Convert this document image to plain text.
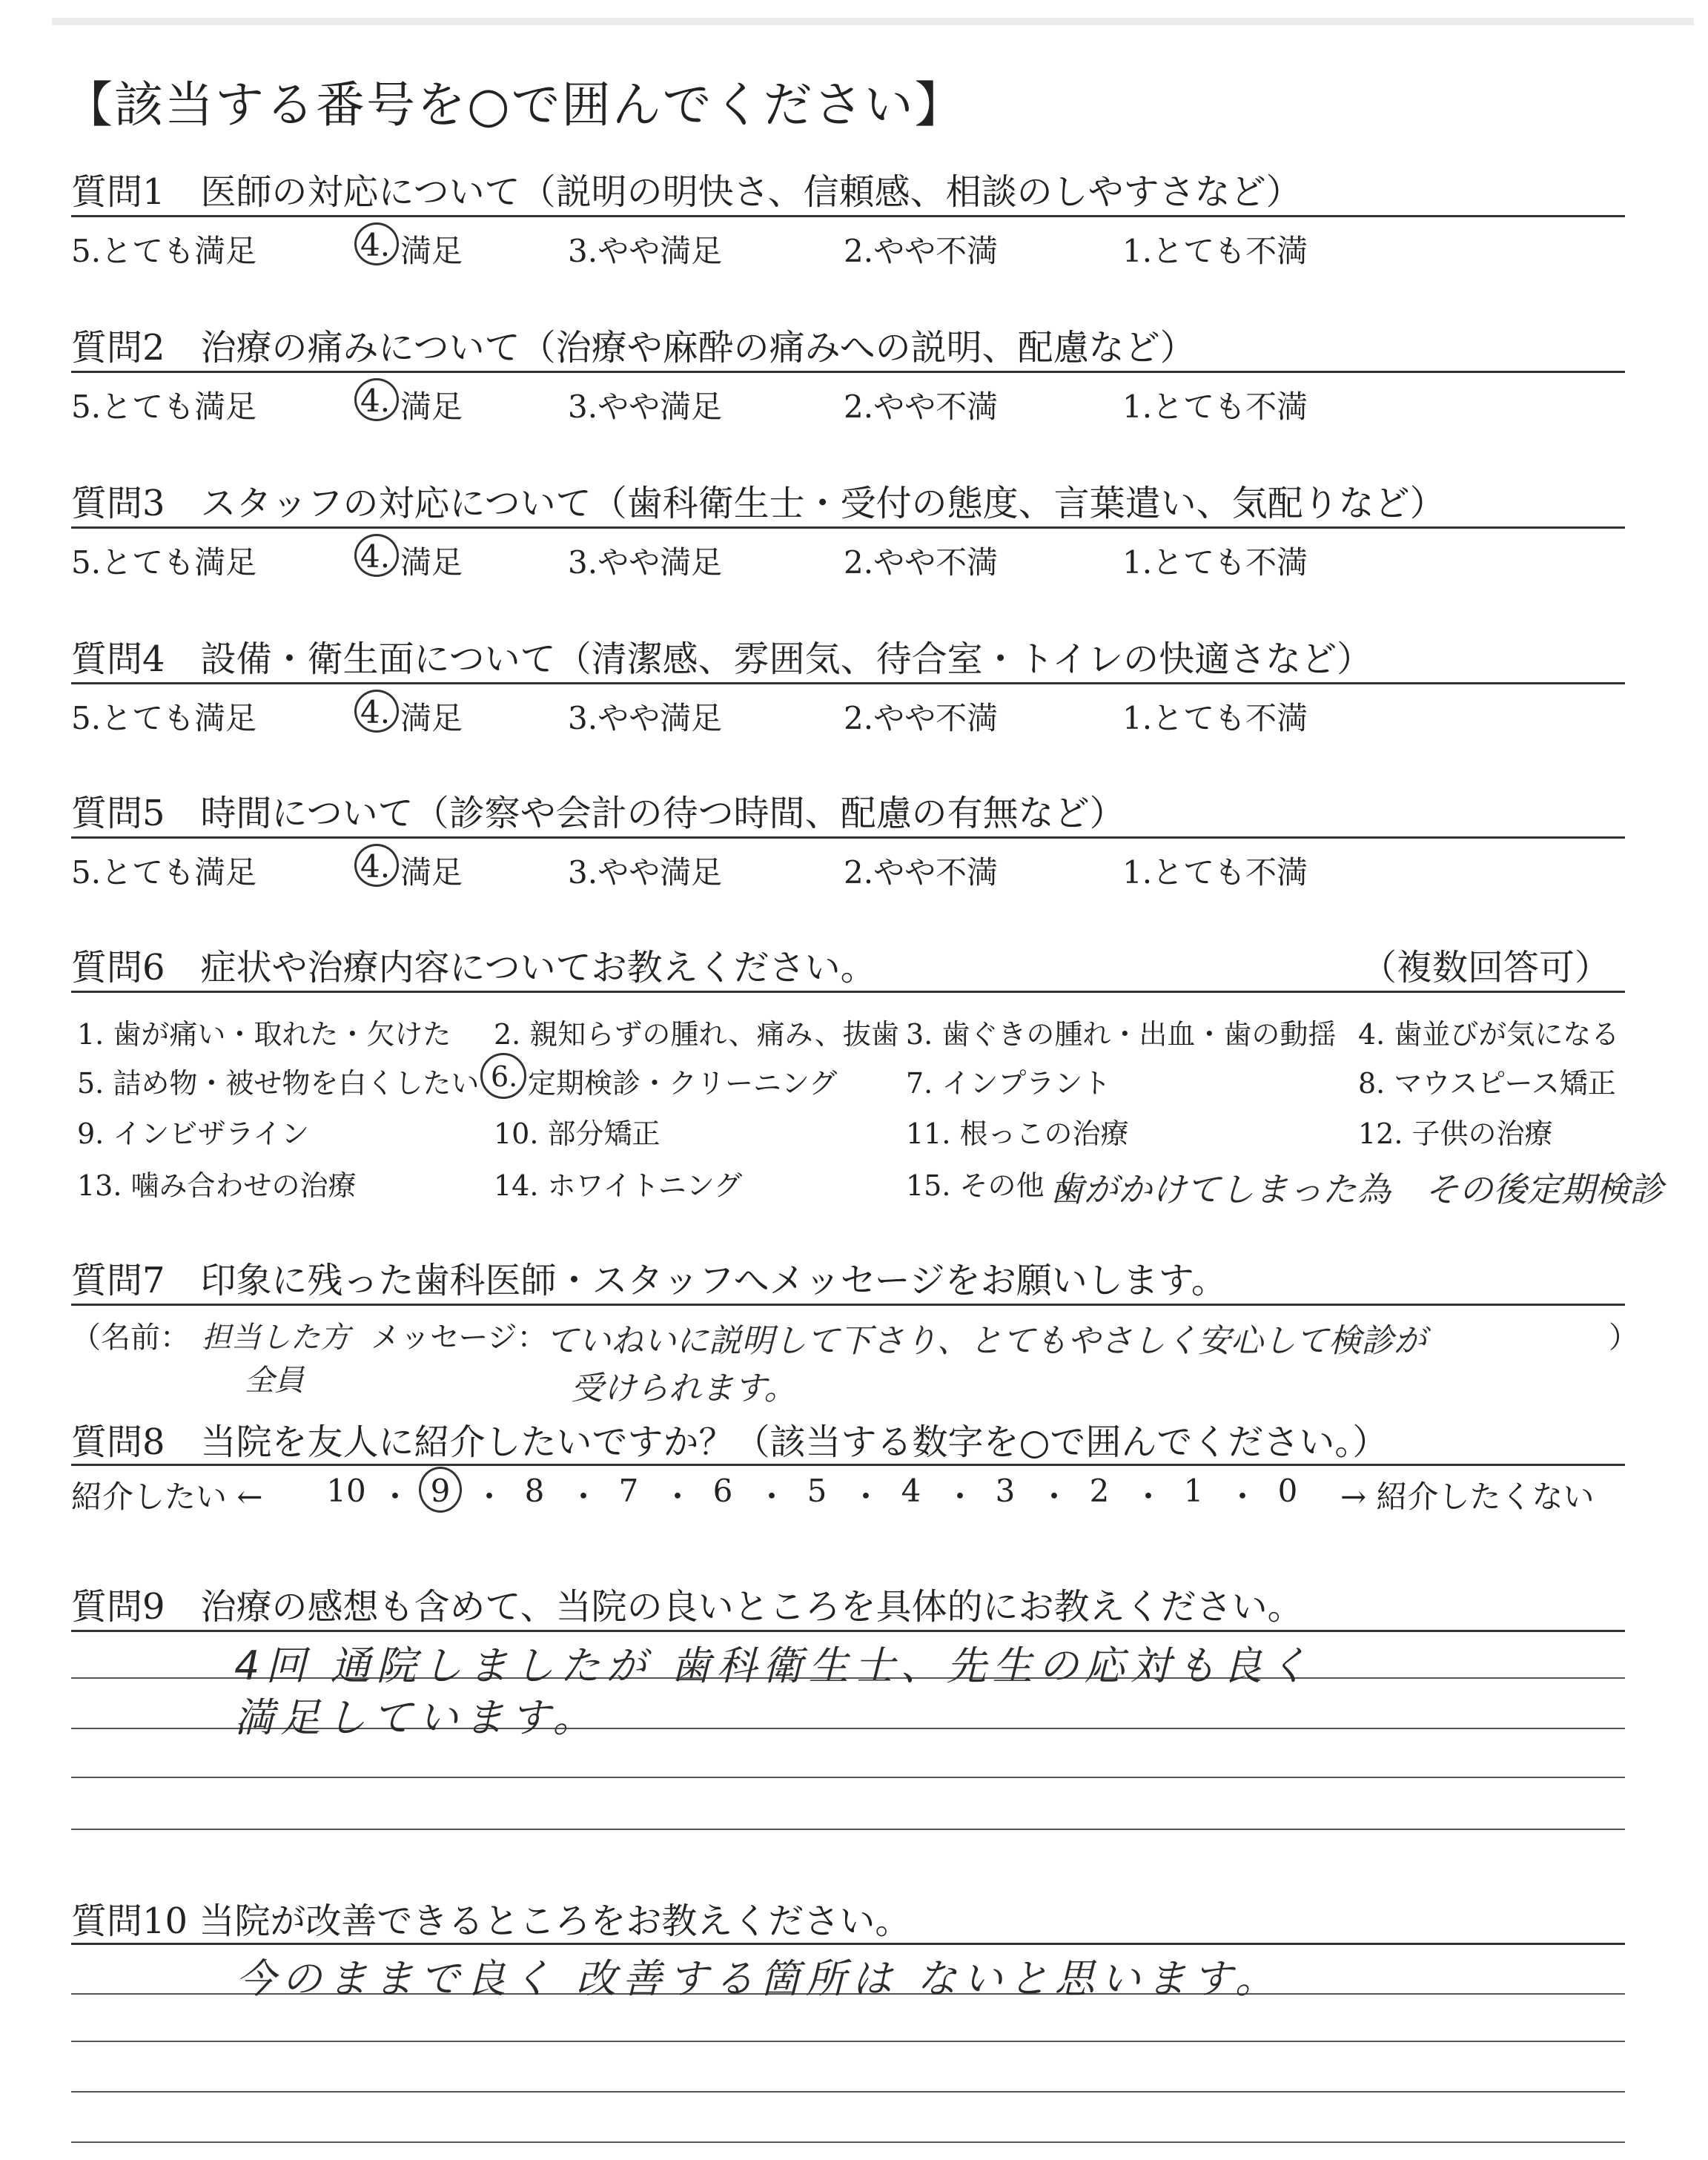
【該当する番号を○で囲んでください】
質問1　医師の対応について（説明の明快さ、信頼感、相談のしやすさなど）
5.とても満足	4. 満足	3.やや満足	2.やや不満	1.とても不満
質問2　治療の痛みについて（治療や麻酔の痛みへの説明、配慮など）
5.とても満足	4. 満足	3.やや満足	2.やや不満	1.とても不満
質問3　スタッフの対応について（歯科衛生士・受付の態度、言葉遣い、気配りなど）
5.とても満足	4. 満足	3.やや満足	2.やや不満	1.とても不満
質問4　設備・衛生面について（清潔感、雰囲気、待合室・トイレの快適さなど）
5.とても満足	4. 満足	3.やや満足	2.やや不満	1.とても不満
質問5　時間について（診察や会計の待つ時間、配慮の有無など）
5.とても満足	4. 満足	3.やや満足	2.やや不満	1.とても不満
質問6　症状や治療内容についてお教えください。	（複数回答可）
1. 歯が痛い・取れた・欠けた 2. 親知らずの腫れ、痛み、抜歯 3. 歯ぐきの腫れ・出血・歯の動揺 4. 歯並びが気になる
5. 詰め物・被せ物を白くしたい 6. 定期検診・クリーニング 7. インプラント	8. マウスピース矯正
9. インビザライン	10. 部分矯正	11. 根っこの治療	12. 子供の治療
13. 噛み合わせの治療	14. ホワイトニング	15. その他（
歯がかけてしまった為　その後定期検診
質問7　印象に残った歯科医師・スタッフへメッセージをお願いします。
（名前： 担当した方
全員
メッセージ：
ていねいに説明して下さり、とてもやさしく安心して検診が	）
受けられます。
質問8　当院を友人に紹介したいですか？（該当する数字を○で囲んでください。）
紹介したい ← 10 ・ 9 ・ 8 ・ 7 ・ 6 ・ 5 ・ 4 ・ 3 ・ 2 ・ 1 ・ 0	→ 紹介したくない
質問9　治療の感想も含めて、当院の良いところを具体的にお教えください。
4回 通院しましたが 歯科衛生士、先生の応対も良く
満足しています。
質問10 当院が改善できるところをお教えください。
今のままで良く 改善する箇所は ないと思います。
